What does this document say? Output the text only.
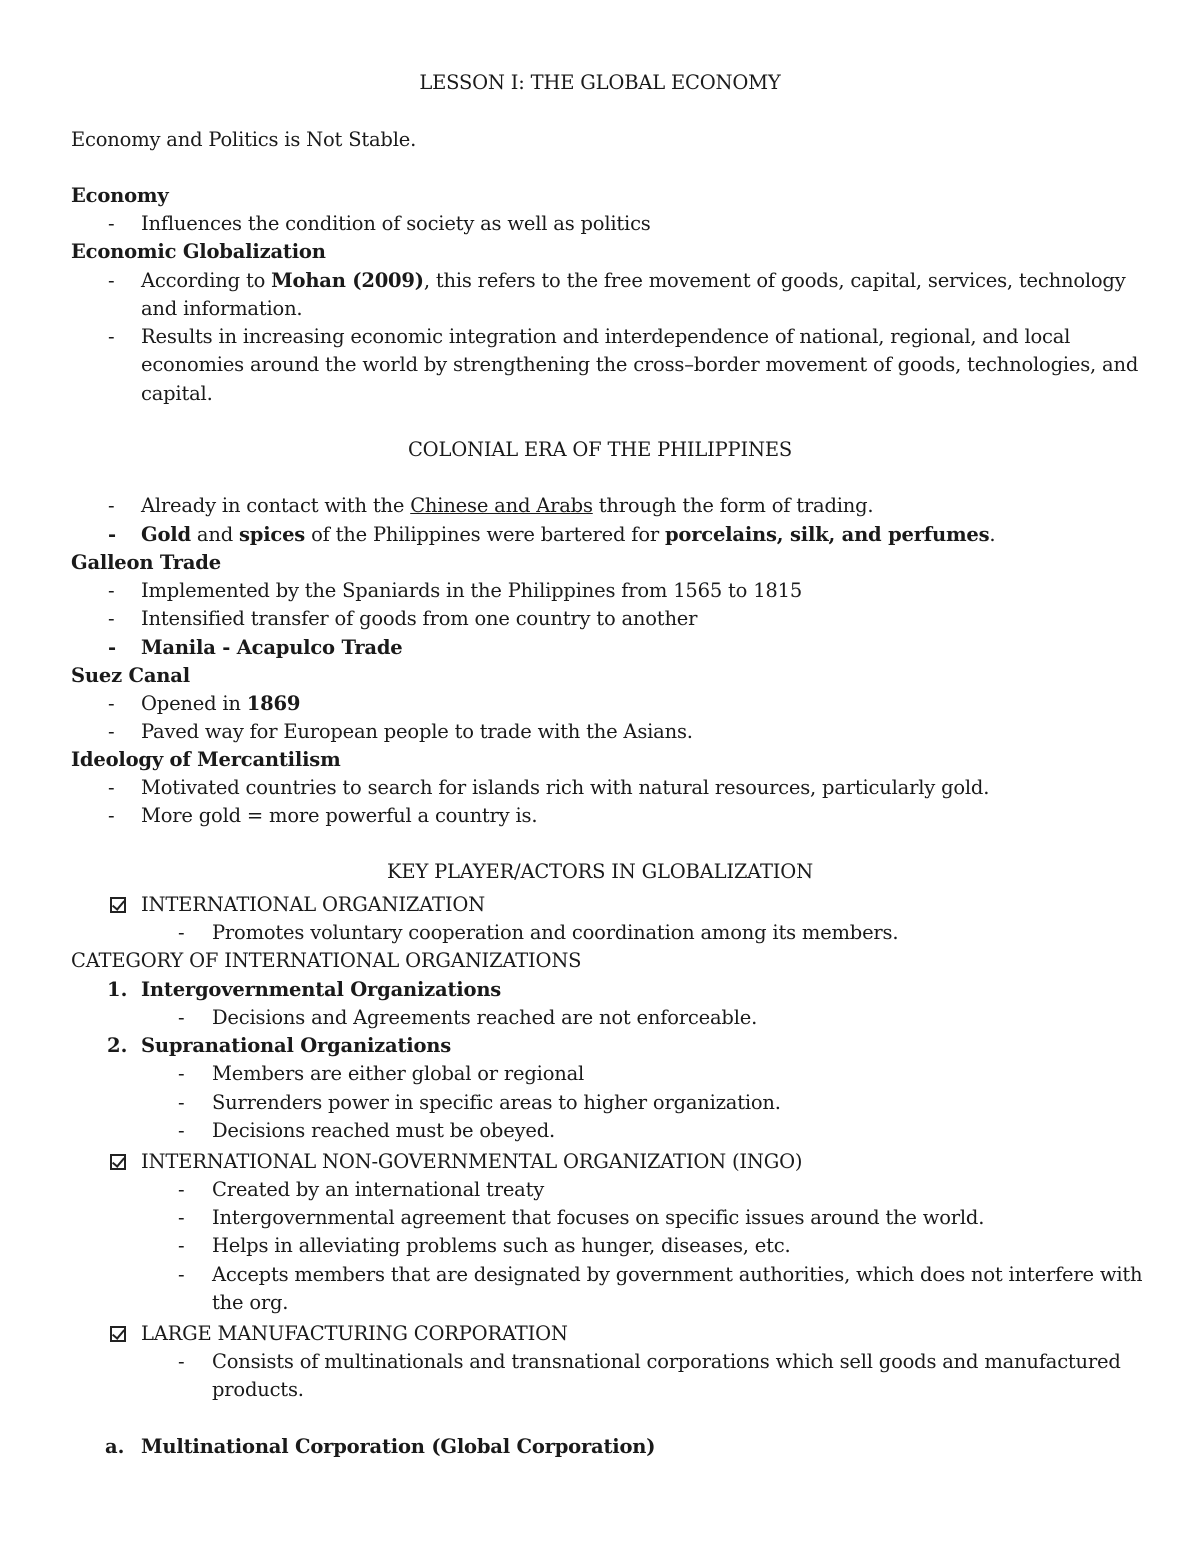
LESSON I: THE GLOBAL ECONOMY
Economy and Politics is Not Stable.
Economy
- Influences the condition of society as well as politics
Economic Globalization
- According to Mohan (2009), this refers to the free movement of goods, capital, services, technology
and information.
- Results in increasing economic integration and interdependence of national, regional, and local
economies around the world by strengthening the cross–border movement of goods, technologies, and
capital.
COLONIAL ERA OF THE PHILIPPINES
- Already in contact with the Chinese and Arabs through the form of trading.
- Gold and spices of the Philippines were bartered for porcelains, silk, and perfumes.
Galleon Trade
- Implemented by the Spaniards in the Philippines from 1565 to 1815
- Intensified transfer of goods from one country to another
- Manila - Acapulco Trade
Suez Canal
- Opened in 1869
- Paved way for European people to trade with the Asians.
Ideology of Mercantilism
- Motivated countries to search for islands rich with natural resources, particularly gold.
- More gold = more powerful a country is.
KEY PLAYER/ACTORS IN GLOBALIZATION
INTERNATIONAL ORGANIZATION
- Promotes voluntary cooperation and coordination among its members.
CATEGORY OF INTERNATIONAL ORGANIZATIONS
1. Intergovernmental Organizations
- Decisions and Agreements reached are not enforceable.
2. Supranational Organizations
- Members are either global or regional
- Surrenders power in specific areas to higher organization.
- Decisions reached must be obeyed.
INTERNATIONAL NON-GOVERNMENTAL ORGANIZATION (INGO)
- Created by an international treaty
- Intergovernmental agreement that focuses on specific issues around the world.
- Helps in alleviating problems such as hunger, diseases, etc.
- Accepts members that are designated by government authorities, which does not interfere with
the org.
LARGE MANUFACTURING CORPORATION
- Consists of multinationals and transnational corporations which sell goods and manufactured
products.
a. Multinational Corporation (Global Corporation)
